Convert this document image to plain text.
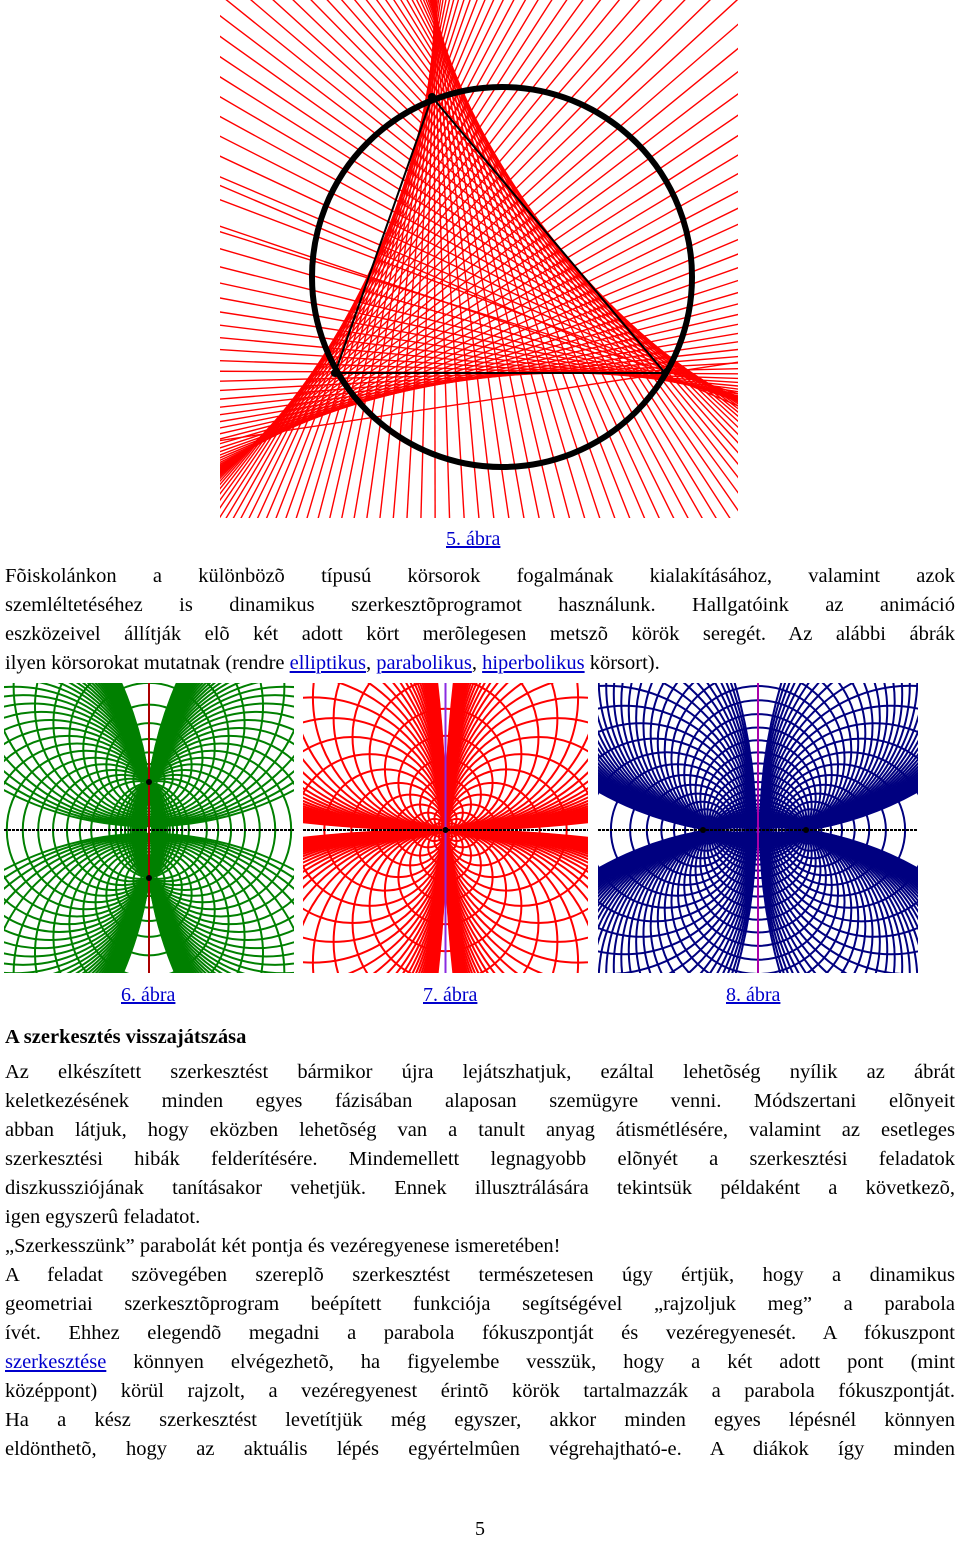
5. ábra
Fõiskolánkon a különbözõ típusú körsorok fogalmának kialakításához, valamint azok
szemléltetéséhez is dinamikus szerkesztõprogramot használunk. Hallgatóink az animáció
eszközeivel állítják elõ két adott kört merõlegesen metszõ körök seregét. Az alábbi ábrák
ilyen körsorokat mutatnak (rendre elliptikus, parabolikus, hiperbolikus körsort).
6. ábra	7. ábra	8. ábra
A szerkesztés visszajátszása
Az elkészített szerkesztést bármikor újra lejátszhatjuk, ezáltal lehetõség nyílik az ábrát
keletkezésének minden egyes fázisában alaposan szemügyre venni. Módszertani elõnyeit
abban látjuk, hogy eközben lehetõség van a tanult anyag átismétlésére, valamint az esetleges
szerkesztési hibák felderítésére. Mindemellett legnagyobb elõnyét a szerkesztési feladatok
diszkussziójának tanításakor vehetjük. Ennek illusztrálására tekintsük példaként a következõ,
igen egyszerû feladatot.
„Szerkesszünk” parabolát két pontja és vezéregyenese ismeretében!
A feladat szövegében szereplõ szerkesztést természetesen úgy értjük, hogy a dinamikus
geometriai szerkesztõprogram beépített funkciója segítségével „rajzoljuk meg” a parabola
ívét. Ehhez elegendõ megadni a parabola fókuszpontját és vezéregyenesét. A fókuszpont
szerkesztése könnyen elvégezhetõ, ha figyelembe vesszük, hogy a két adott pont (mint
középpont) körül rajzolt, a vezéregyenest érintõ körök tartalmazzák a parabola fókuszpontját.
Ha a kész szerkesztést levetítjük még egyszer, akkor minden egyes lépésnél könnyen
eldönthetõ, hogy az aktuális lépés egyértelmûen végrehajtható-e. A diákok így minden
5
